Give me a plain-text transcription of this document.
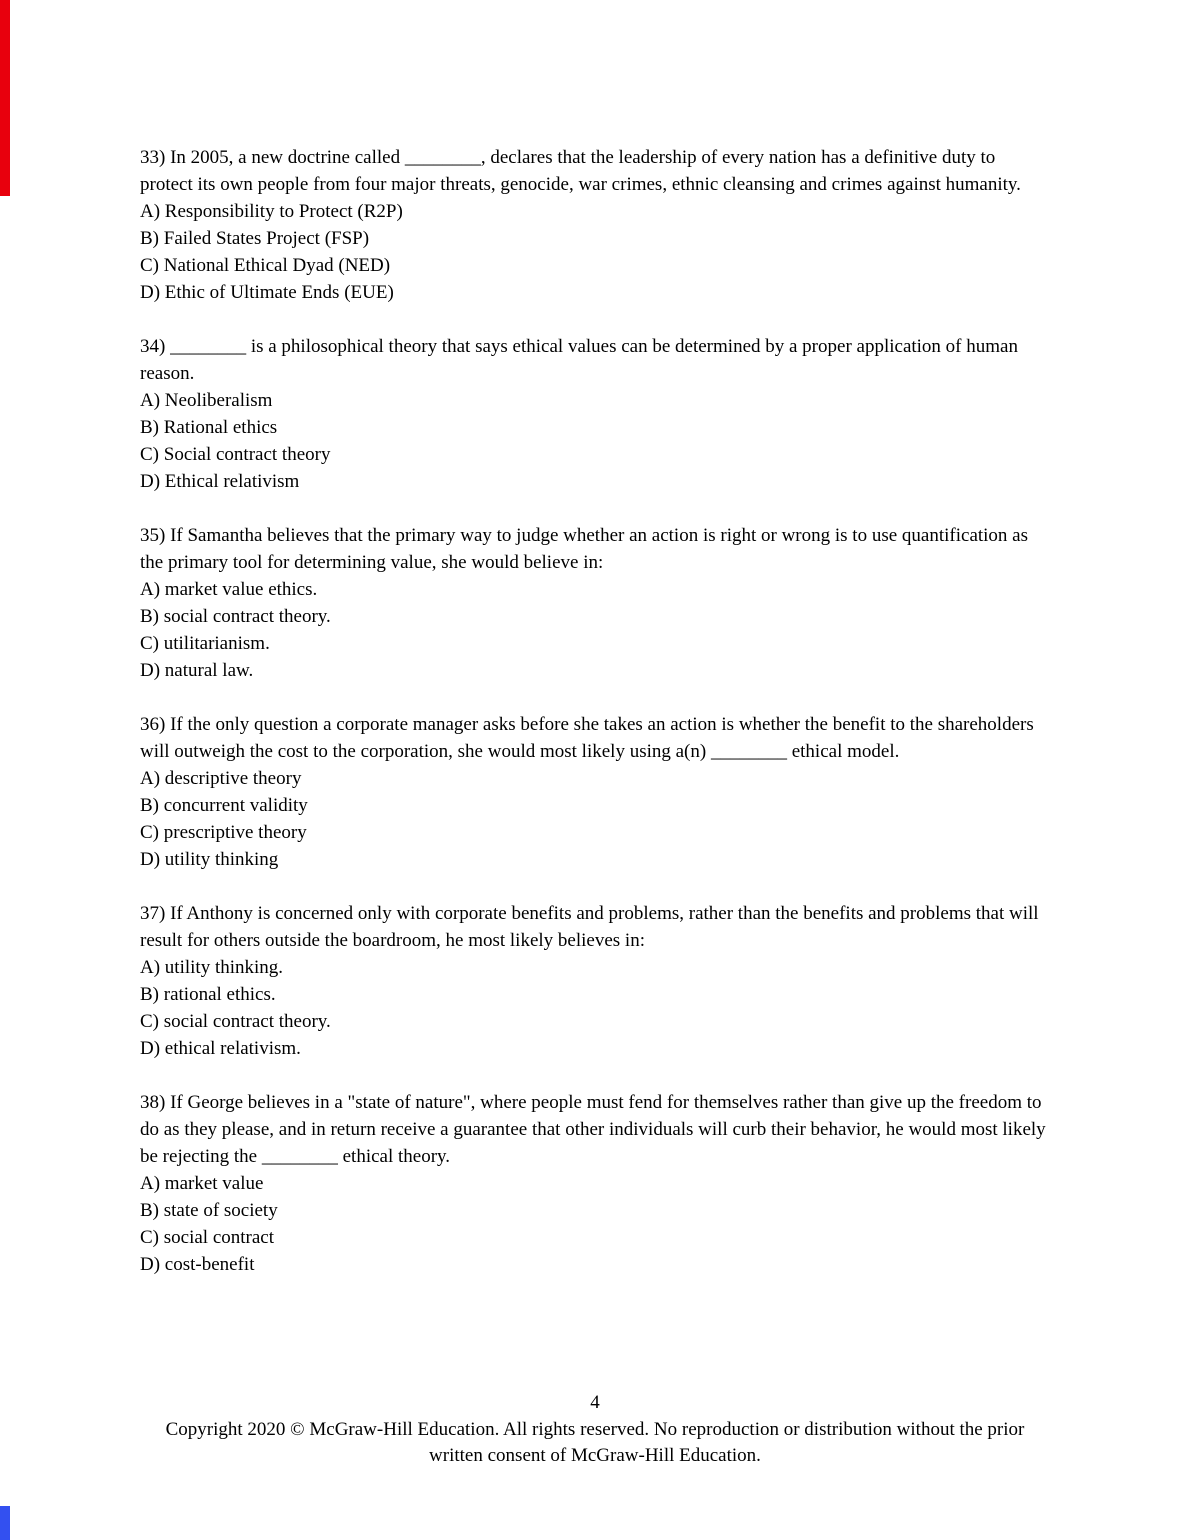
33) In 2005, a new doctrine called ________, declares that the leadership of every nation has a definitive duty to protect its own people from four major threats, genocide, war crimes, ethnic cleansing and crimes against humanity.

A) Responsibility to Protect (R2P)

B) Failed States Project (FSP)

C) National Ethical Dyad (NED)

D) Ethic of Ultimate Ends (EUE)

34) ________ is a philosophical theory that says ethical values can be determined by a proper application of human reason.

A) Neoliberalism

B) Rational ethics

C) Social contract theory

D) Ethical relativism

35) If Samantha believes that the primary way to judge whether an action is right or wrong is to use quantification as the primary tool for determining value, she would believe in:

A) market value ethics.

B) social contract theory.

C) utilitarianism.

D) natural law.

36) If the only question a corporate manager asks before she takes an action is whether the benefit to the shareholders will outweigh the cost to the corporation, she would most likely using a(n) ________ ethical model.

A) descriptive theory

B) concurrent validity

C) prescriptive theory

D) utility thinking

37) If Anthony is concerned only with corporate benefits and problems, rather than the benefits and problems that will result for others outside the boardroom, he most likely believes in:

A) utility thinking.

B) rational ethics.

C) social contract theory.

D) ethical relativism.

38) If George believes in a "state of nature", where people must fend for themselves rather than give up the freedom to do as they please, and in return receive a guarantee that other individuals will curb their behavior, he would most likely be rejecting the ________ ethical theory.

A) market value

B) state of society

C) social contract

D) cost-benefit

4
Copyright 2020 © McGraw-Hill Education. All rights reserved. No reproduction or distribution without the prior
written consent of McGraw-Hill Education.
